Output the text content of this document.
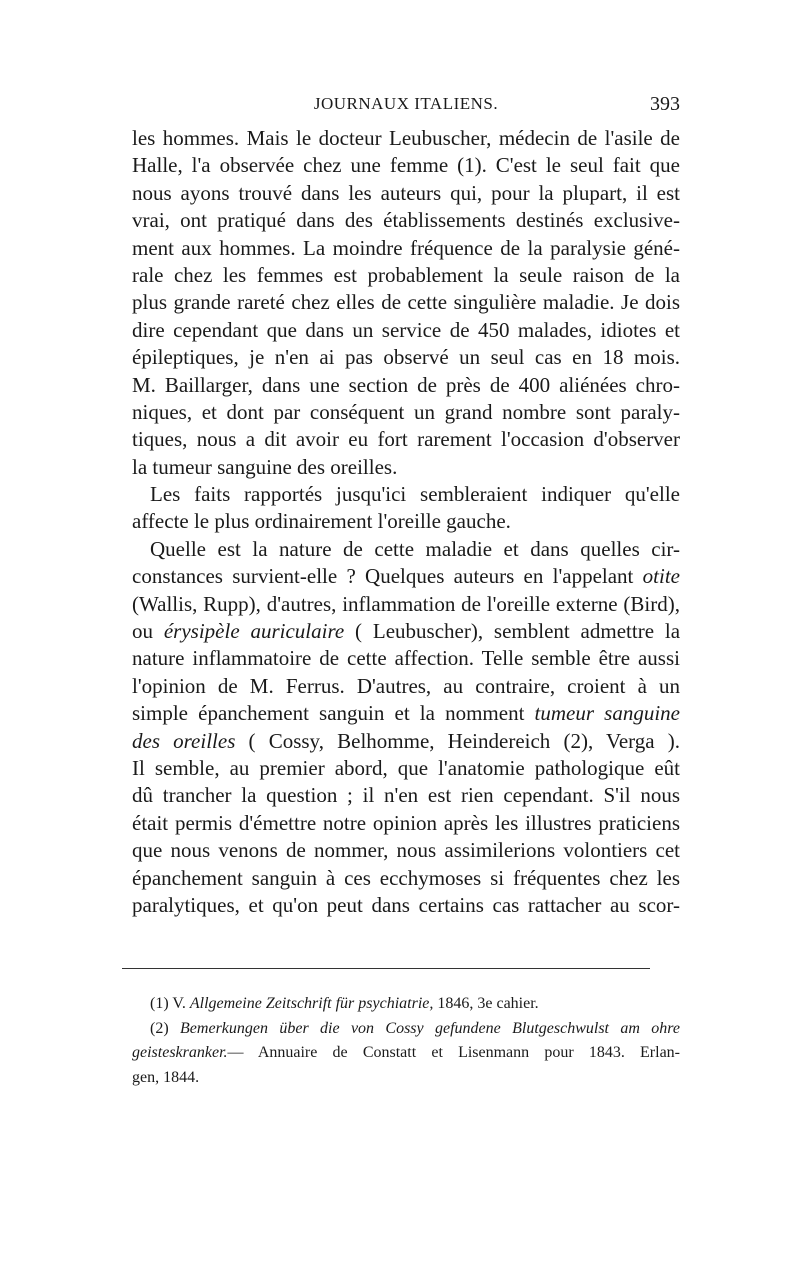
JOURNAUX ITALIENS.	393
les hommes. Mais le docteur Leubuscher, médecin de l'asile de
Halle, l'a observée chez une femme (1). C'est le seul fait que
nous ayons trouvé dans les auteurs qui, pour la plupart, il est
vrai, ont pratiqué dans des établissements destinés exclusive-
ment aux hommes. La moindre fréquence de la paralysie géné-
rale chez les femmes est probablement la seule raison de la
plus grande rareté chez elles de cette singulière maladie. Je dois
dire cependant que dans un service de 450 malades, idiotes et
épileptiques, je n'en ai pas observé un seul cas en 18 mois.
M. Baillarger, dans une section de près de 400 aliénées chro-
niques, et dont par conséquent un grand nombre sont paraly-
tiques, nous a dit avoir eu fort rarement l'occasion d'observer
la tumeur sanguine des oreilles.
Les faits rapportés jusqu'ici sembleraient indiquer qu'elle
affecte le plus ordinairement l'oreille gauche.
Quelle est la nature de cette maladie et dans quelles cir-
constances survient-elle ? Quelques auteurs en l'appelant otite
(Wallis, Rupp), d'autres, inflammation de l'oreille externe (Bird),
ou érysipèle auriculaire ( Leubuscher), semblent admettre la
nature inflammatoire de cette affection. Telle semble être aussi
l'opinion de M. Ferrus. D'autres, au contraire, croient à un
simple épanchement sanguin et la nomment tumeur sanguine
des oreilles ( Cossy, Belhomme, Heindereich (2), Verga ).
Il semble, au premier abord, que l'anatomie pathologique eût
dû trancher la question ; il n'en est rien cependant. S'il nous
était permis d'émettre notre opinion après les illustres praticiens
que nous venons de nommer, nous assimilerions volontiers cet
épanchement sanguin à ces ecchymoses si fréquentes chez les
paralytiques, et qu'on peut dans certains cas rattacher au scor-
(1) V. Allgemeine Zeitschrift für psychiatrie, 1846, 3e cahier.
(2) Bemerkungen über die von Cossy gefundene Blutgeschwulst am ohre
geisteskranker.— Annuaire de Constatt et Lisenmann pour 1843. Erlan-
gen, 1844.
